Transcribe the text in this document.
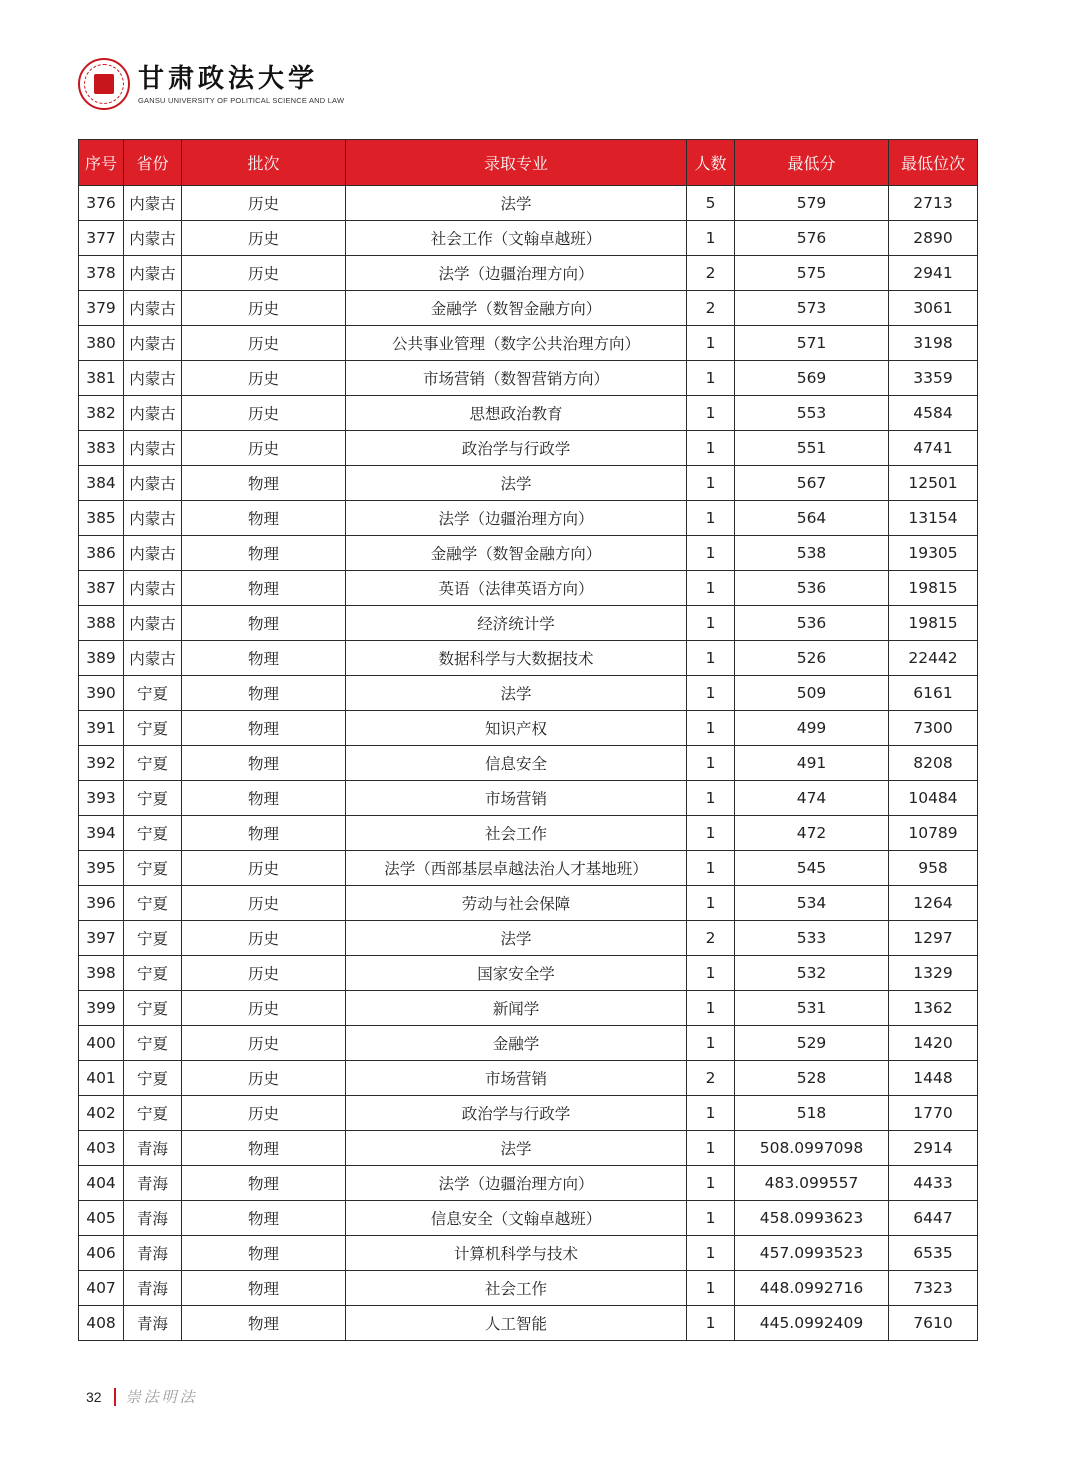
甘肃政法大学
GANSU UNIVERSITY OF POLITICAL SCIENCE AND LAW
序号	省份	批次	录取专业	人数	最低分	最低位次
376	内蒙古	历史	法学	5	579	2713
377	内蒙古	历史	社会工作（文翰卓越班）	1	576	2890
378	内蒙古	历史	法学（边疆治理方向）	2	575	2941
379	内蒙古	历史	金融学（数智金融方向）	2	573	3061
380	内蒙古	历史	公共事业管理（数字公共治理方向）	1	571	3198
381	内蒙古	历史	市场营销（数智营销方向）	1	569	3359
382	内蒙古	历史	思想政治教育	1	553	4584
383	内蒙古	历史	政治学与行政学	1	551	4741
384	内蒙古	物理	法学	1	567	12501
385	内蒙古	物理	法学（边疆治理方向）	1	564	13154
386	内蒙古	物理	金融学（数智金融方向）	1	538	19305
387	内蒙古	物理	英语（法律英语方向）	1	536	19815
388	内蒙古	物理	经济统计学	1	536	19815
389	内蒙古	物理	数据科学与大数据技术	1	526	22442
390	宁夏	物理	法学	1	509	6161
391	宁夏	物理	知识产权	1	499	7300
392	宁夏	物理	信息安全	1	491	8208
393	宁夏	物理	市场营销	1	474	10484
394	宁夏	物理	社会工作	1	472	10789
395	宁夏	历史	法学（西部基层卓越法治人才基地班）	1	545	958
396	宁夏	历史	劳动与社会保障	1	534	1264
397	宁夏	历史	法学	2	533	1297
398	宁夏	历史	国家安全学	1	532	1329
399	宁夏	历史	新闻学	1	531	1362
400	宁夏	历史	金融学	1	529	1420
401	宁夏	历史	市场营销	2	528	1448
402	宁夏	历史	政治学与行政学	1	518	1770
403	青海	物理	法学	1	508.0997098	2914
404	青海	物理	法学（边疆治理方向）	1	483.099557	4433
405	青海	物理	信息安全（文翰卓越班）	1	458.0993623	6447
406	青海	物理	计算机科学与技术	1	457.0993523	6535
407	青海	物理	社会工作	1	448.0992716	7323
408	青海	物理	人工智能	1	445.0992409	7610
32 崇法明法
